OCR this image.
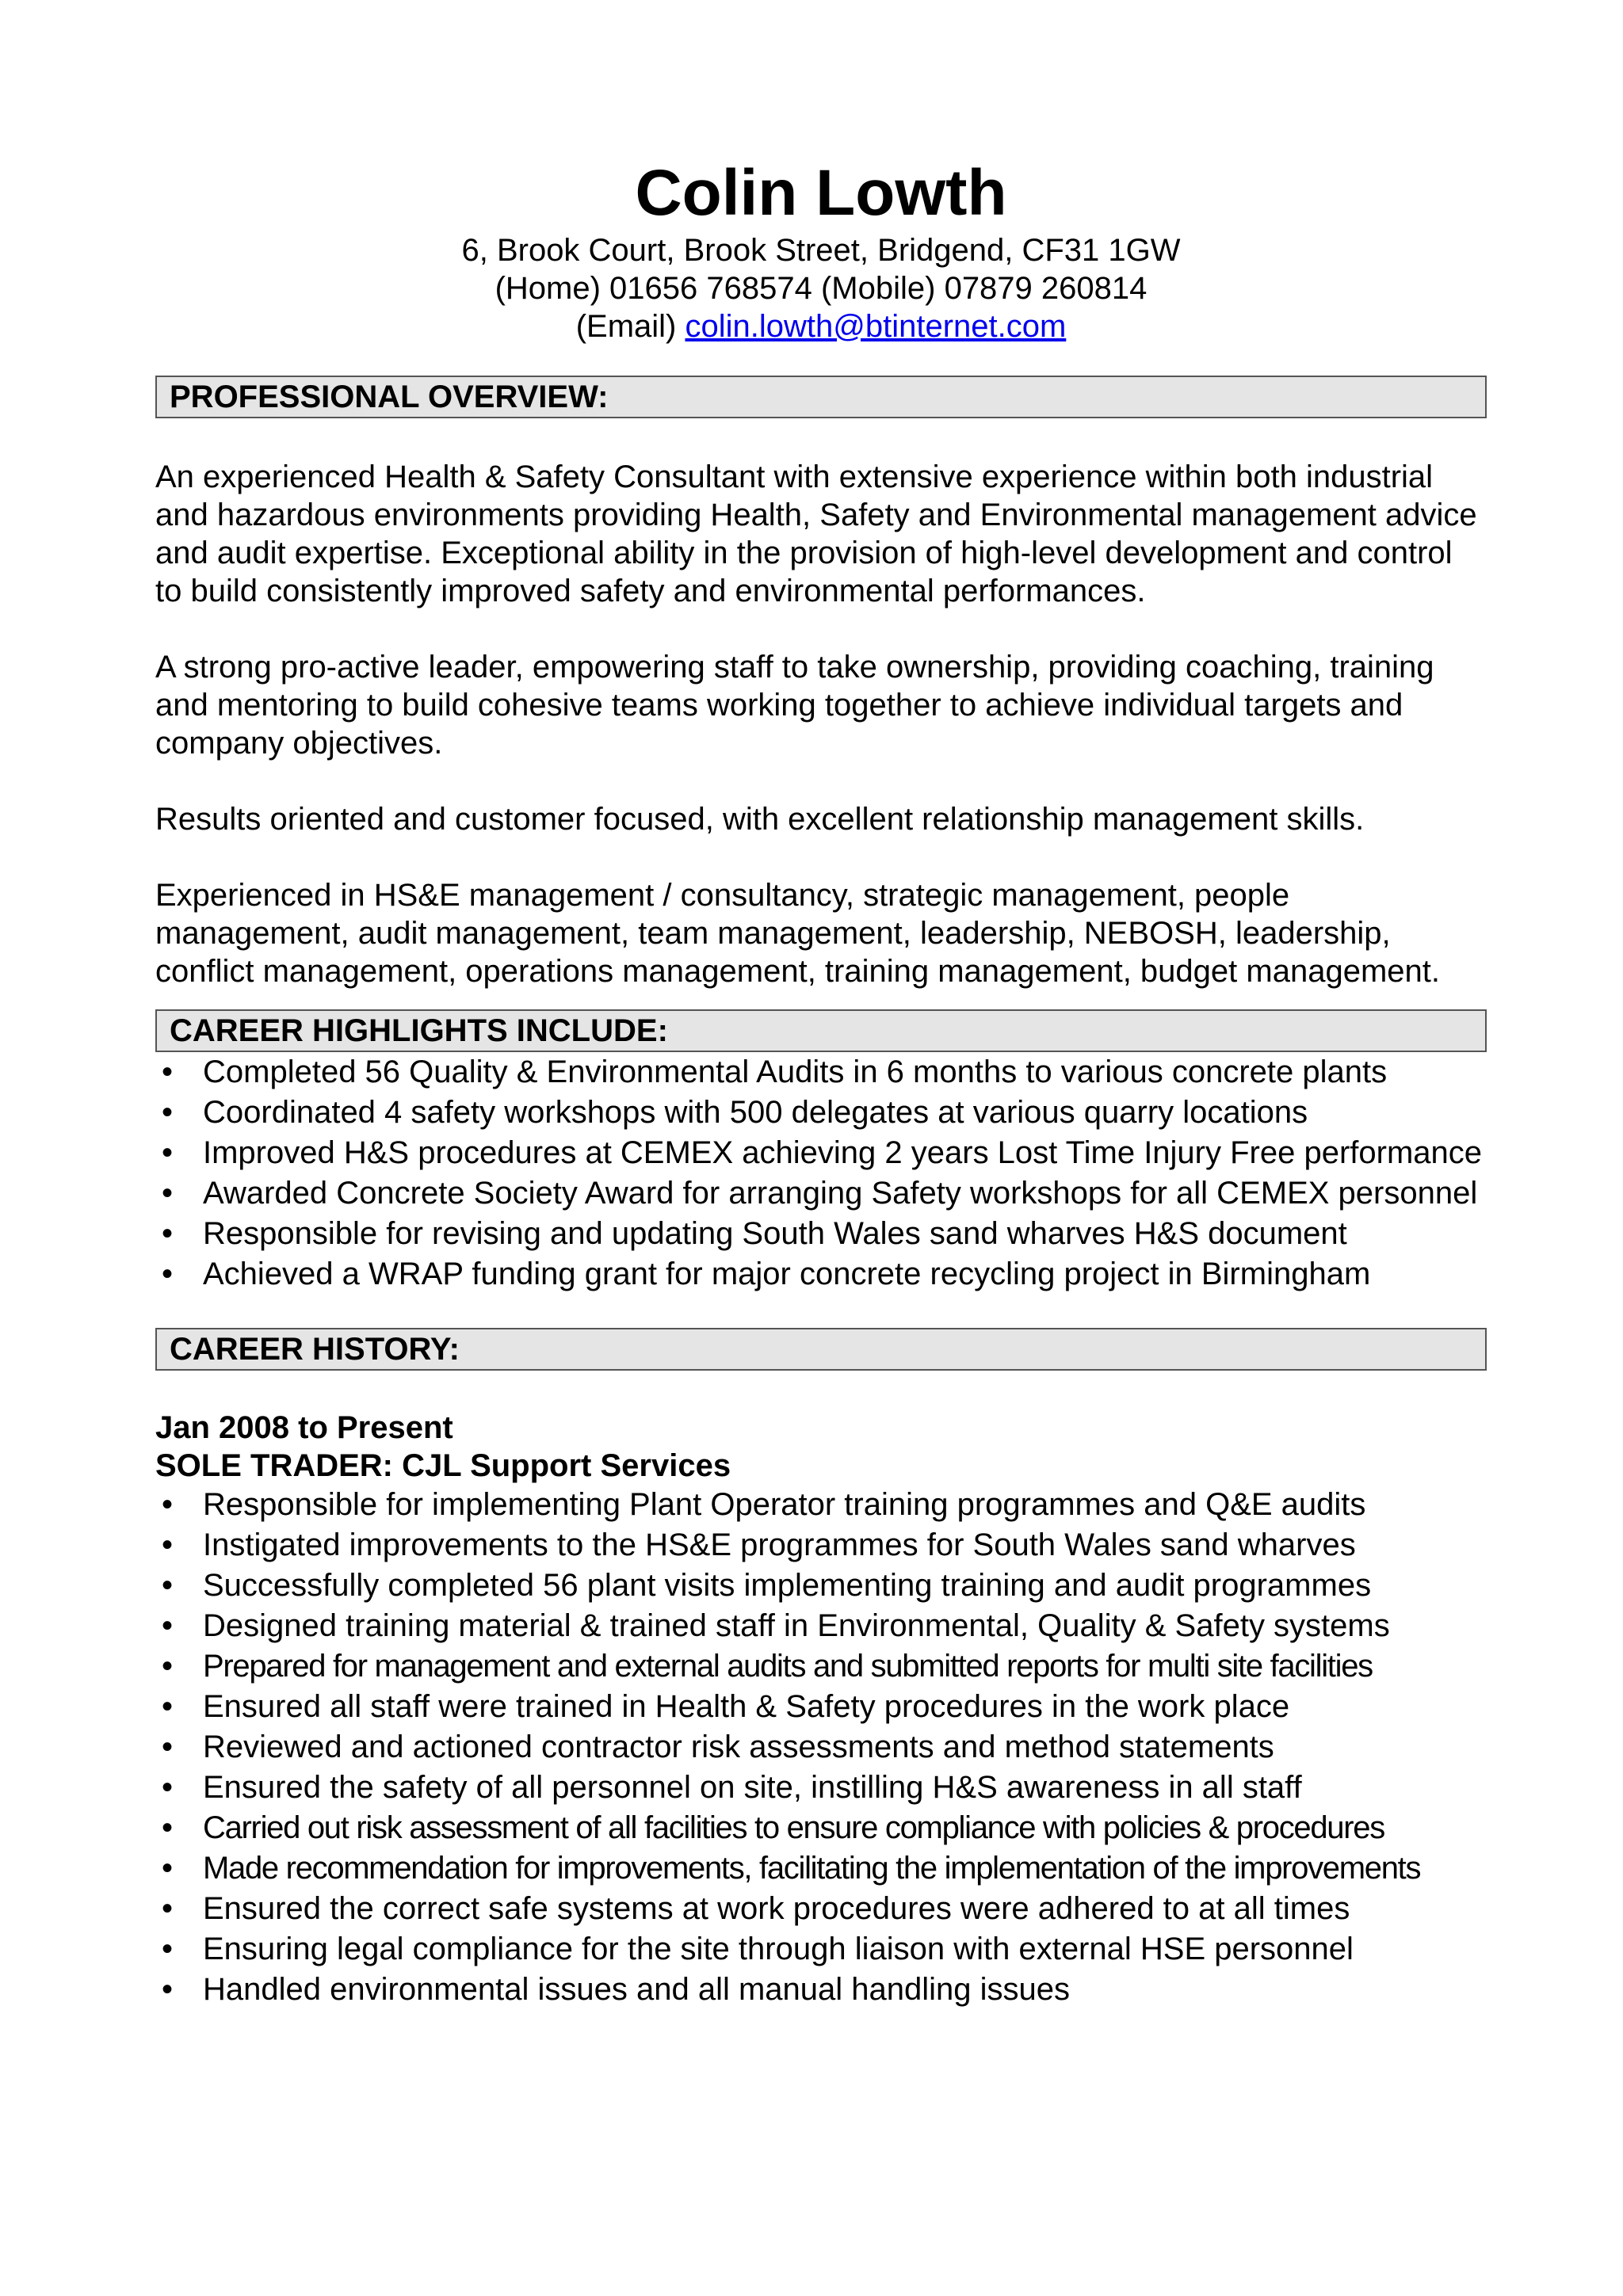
Colin Lowth

6, Brook Court, Brook Street, Bridgend, CF31 1GW

(Home) 01656 768574 (Mobile) 07879 260814

(Email) colin.lowth@btinternet.com

PROFESSIONAL OVERVIEW:

An experienced Health & Safety Consultant with extensive experience within both industrial and hazardous environments providing Health, Safety and Environmental management advice and audit expertise. Exceptional ability in the provision of high-level development and control to build consistently improved safety and environmental performances.

A strong pro-active leader, empowering staff to take ownership, providing coaching, training and mentoring to build cohesive teams working together to achieve individual targets and company objectives.

Results oriented and customer focused, with excellent relationship management skills.

Experienced in HS&E management / consultancy, strategic management, people management, audit management, team management, leadership, NEBOSH, leadership, conflict management, operations management, training management, budget management.

CAREER HIGHLIGHTS INCLUDE:
• Completed 56 Quality & Environmental Audits in 6 months to various concrete plants
• Coordinated 4 safety workshops with 500 delegates at various quarry locations
• Improved H&S procedures at CEMEX achieving 2 years Lost Time Injury Free performance
• Awarded Concrete Society Award for arranging Safety workshops for all CEMEX personnel
• Responsible for revising and updating South Wales sand wharves H&S document
• Achieved a WRAP funding grant for major concrete recycling project in Birmingham
CAREER HISTORY:

Jan 2008 to Present

SOLE TRADER: CJL Support Services

• Responsible for implementing Plant Operator training programmes and Q&E audits
• Instigated improvements to the HS&E programmes for South Wales sand wharves
• Successfully completed 56 plant visits implementing training and audit programmes
• Designed training material & trained staff in Environmental, Quality & Safety systems
• Prepared for management and external audits and submitted reports for multi site facilities
• Ensured all staff were trained in Health & Safety procedures in the work place
• Reviewed and actioned contractor risk assessments and method statements
• Ensured the safety of all personnel on site, instilling H&S awareness in all staff
• Carried out risk assessment of all facilities to ensure compliance with policies & procedures
• Made recommendation for improvements, facilitating the implementation of the improvements
• Ensured the correct safe systems at work procedures were adhered to at all times
• Ensuring legal compliance for the site through liaison with external HSE personnel
• Handled environmental issues and all manual handling issues
